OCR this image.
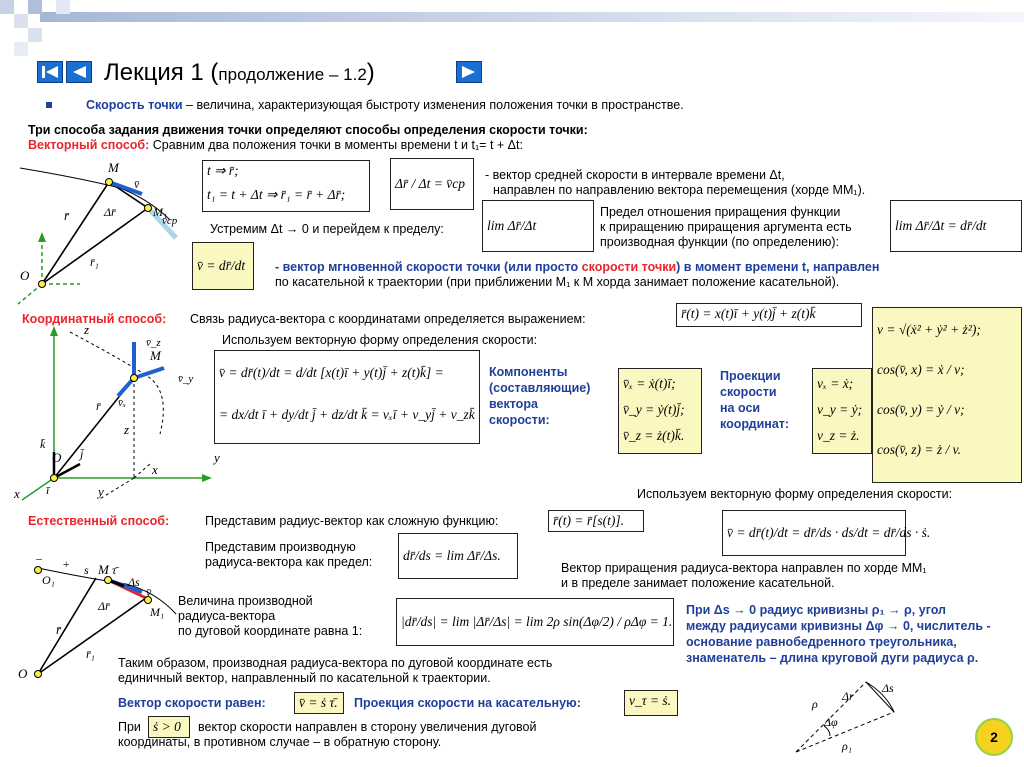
Лекция 1 (продолжение – 1.2)
Скорость точки – величина, характеризующая быстроту изменения положения точки в пространстве.
Три способа задания движения точки определяют способы определения скорости точки:
Векторный способ: Сравним два положения точки в моменты времени t и t₁= t + Δt:
M
M₁
O
r̄
r̄₁
Δr̄
v̄
v̄ср
t ⇒ r̄;
t₁ = t + Δt ⇒ r̄₁ = r̄ + Δr̄;
Δr̄ / Δt = v̄ср
- вектор средней скорости в интервале времени Δt,
направлен по направлению вектора перемещения (хорде MM₁).
Устремим Δt → 0 и перейдем к пределу:	lim Δr̄/Δt
Предел отношения приращения функции
к приращению приращения аргумента есть
производная функции (по определению):
lim Δr̄/Δt = dr̄/dt
v̄ = dr̄/dt - вектор мгновенной скорости точки (или просто скорости точки) в момент времени t, направлен
по касательной к траектории (при приближении M₁ к M хорда занимает положение касательной).
Координатный способ: Связь радиуса-вектора с координатами определяется выражением:	r̄(t) = x(t)ī + y(t)j̄ + z(t)k̄
Используем векторную форму определения скорости:
z
y
x
x
y
z
O
M
r̄
v̄_z
v̄_y
v̄ₓ
k̄
j̄
ī
v̄ = dr̄(t)/dt = d/dt [x(t)ī + y(t)j̄ + z(t)k̄] =
= dx/dt ī + dy/dt j̄ + dz/dt k̄ = vₓī + v_yj̄ + v_zk̄
Компоненты
(составляющие)
вектора
скорости:
v̄ₓ = ẋ(t)ī;
v̄_y = ẏ(t)j̄;
v̄_z = ż(t)k̄.
Проекции
скорости
на оси
координат:
vₓ = ẋ;
v_y = ẏ;
v_z = ż.
v = √(ẋ² + ẏ² + ż²);
cos(v̄, x) = ẋ / v;
cos(v̄, y) = ẏ / v;
cos(v̄, z) = ż / v.
Используем векторную форму определения скорости:
Естественный способ:	Представим радиус-вектор как сложную функцию:	r̄(t) = r̄[s(t)].
v̄ = dr̄(t)/dt = dr̄/ds · ds/dt = dr̄/ds · ṡ.
Представим производную
радиуса-вектора как предел: dr̄/ds = lim Δr̄/Δs.
Вектор приращения радиуса-вектора направлен по хорде MM₁
и в пределе занимает положение касательной.
O
O₁
M
M₁
s
Δs
τ̄
v̄
r̄
r̄₁
Δr̄
+
–
Величина производной
радиуса-вектора
по дуговой координате равна 1:
|dr̄/ds| = lim |Δr̄/Δs| = lim 2ρ sin(Δφ/2) / ρΔφ = 1.
При Δs → 0 радиус кривизны ρ₁ → ρ, угол
между радиусами кривизны Δφ → 0, числитель -
основание равнобедренного треугольника,
знаменатель – длина круговой дуги радиуса ρ.
Таким образом, производная радиуса-вектора по дуговой координате есть
единичный вектор, направленный по касательной к траектории.
Вектор скорости равен:	v̄ = ṡ τ̄.	Проекция скорости на касательную:	v_τ = ṡ.
При ṡ > 0	вектор скорости направлен в сторону увеличения дуговой
координаты, в противном случае – в обратную сторону.
ρ
ρ₁
Δr
Δs
Δφ
2
